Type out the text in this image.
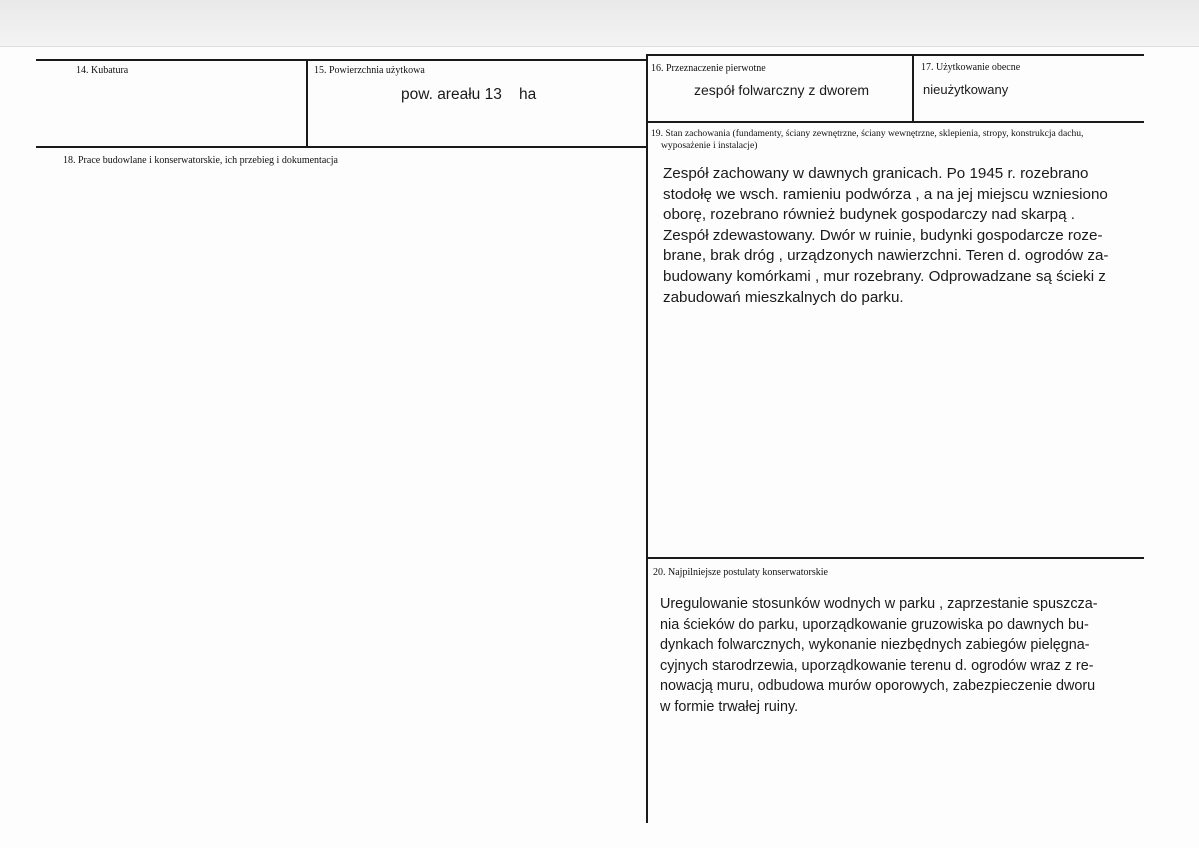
14. Kubatura	15. Powierzchnia użytkowa
pow. areału 13    ha
16. Przeznaczenie pierwotne
zespół folwarczny z dworem
17. Użytkowanie obecne
nieużytkowany
18. Prace budowlane i konserwatorskie, ich przebieg i dokumentacja
19. Stan zachowania (fundamenty, ściany zewnętrzne, ściany wewnętrzne, sklepienia, stropy, konstrukcja dachu,
wyposażenie i instalacje)
Zespół zachowany w dawnych granicach. Po 1945 r. rozebrano
stodołę we wsch. ramieniu podwórza , a na jej miejscu wzniesiono
oborę, rozebrano również budynek gospodarczy nad skarpą .
Zespół zdewastowany. Dwór w ruinie, budynki gospodarcze roze-
brane, brak dróg , urządzonych nawierzchni. Teren d. ogrodów za-
budowany komórkami , mur rozebrany. Odprowadzane są ścieki z
zabudowań mieszkalnych do parku.
20. Najpilniejsze postulaty konserwatorskie
Uregulowanie stosunków wodnych w parku , zaprzestanie spuszcza-
nia ścieków do parku, uporządkowanie gruzowiska po dawnych bu-
dynkach folwarcznych, wykonanie niezbędnych zabiegów pielęgna-
cyjnych starodrzewia, uporządkowanie terenu d. ogrodów wraz z re-
nowacją muru, odbudowa murów oporowych, zabezpieczenie dworu
w formie trwałej ruiny.
